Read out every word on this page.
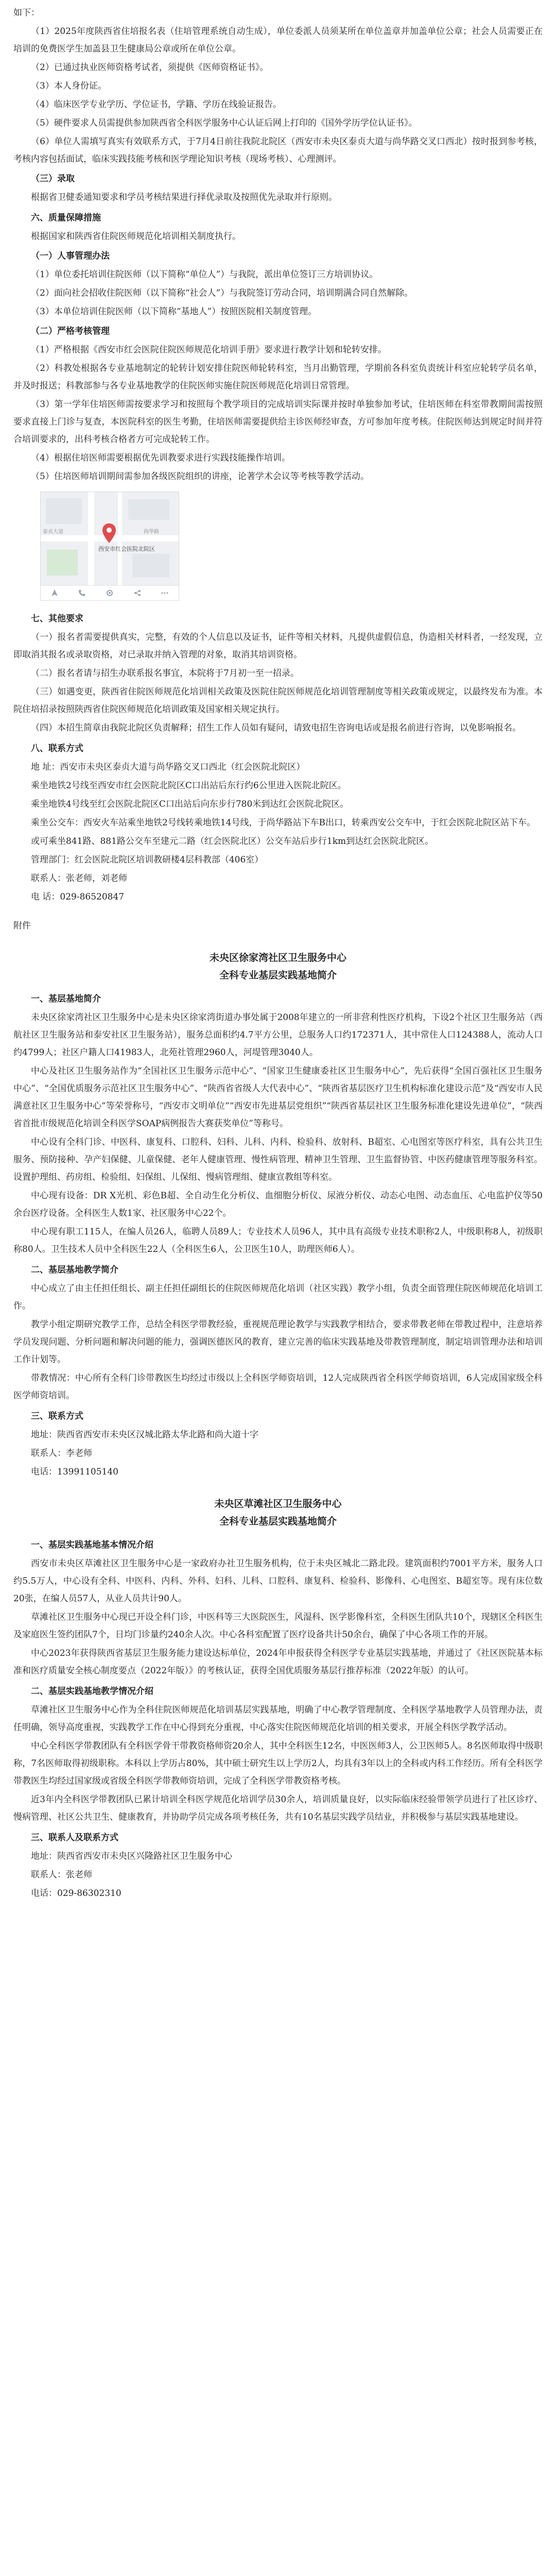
如下：

（1）2025年度陕西省住培报名表（住培管理系统自动生成），单位委派人员须某所在单位盖章并加盖单位公章；社会人员需要正在培训的免费医学生加盖县卫生健康局公章或所在单位公章。

（2）已通过执业医师资格考试者，须提供《医师资格证书》。

（3）本人身份证。

（4）临床医学专业学历、学位证书，学籍、学历在线验证报告。

（5）硬件要求人员需提供参加陕西省全科医学服务中心认证后网上打印的《国外学历学位认证书》。

（6）单位人需填写真实有效联系方式，于7月4日前往我院北院区（西安市未央区泰贞大道与尚华路交叉口西北）按时报到参考核，考核内容包括面试，临床实践技能考核和医学理论知识考核（现场考核）、心理测评。

（三）录取

根据省卫健委通知要求和学员考核结果进行择优录取及按照优先录取并行原则。

六、质量保障措施

根据国家和陕西省住院医师规范化培训相关制度执行。

（一）人事管理办法

（1）单位委托培训住院医师（以下简称“单位人”）与我院，派出单位签订三方培训协议。

（2）面向社会招收住院医师（以下简称“社会人”）与我院签订劳动合同，培训期满合同自然解除。

（3）本单位培训住院医师（以下简称“基地人”）按照医院相关制度管理。

（二）严格考核管理

（1）严格根据《西安市红会医院住院医师规范化培训手册》要求进行教学计划和轮转安排。

（2）科教处根据各专业基地制定的轮转计划安排住院医师轮转科室，当月出勤管理，学期前各科室负责统计科室应轮转学员名单，并及时报送；科教部参与各专业基地教学的住院医师实施住院医师规范化培训日常管理。

（3）第一学年住培医师需按要求学习和按照每个教学项目的完成培训实际课并按时单独参加考试，住培医师在科室带教期间需按照要求直接上门诊与复查，本医院科室的医生考勤，住培医师需要提供给主诊医师经审查，方可参加年度考核。住院医师达到规定时间并符合培训要求的，出科考核合格者方可完成轮转工作。

（4）根据住培医师需要根据优先训教要求进行实践技能操作培训。

（5）住培医师培训期间需参加各级医院组织的讲座，论著学术会议等考核等教学活动。

尚华路
泰贞大道
西安市红会医院北院区

七、其他要求

（一）报名者需要提供真实，完整，有效的个人信息以及证书，证件等相关材料，凡提供虚假信息，伪造相关材料者，一经发现，立即取消其报名或录取资格，对已录取并纳入管理的对象，取消其培训资格。

（二）报名者请与招生办联系报名事宜，本院将于7月初一至一招录。

（三）如遇变更，陕西省住院医师规范化培训相关政策及医院住院医师规范化培训管理制度等相关政策或规定，以最终发布为准。本院住培招录按照陕西省住院医师规范化培训政策及国家相关规定执行。

（四）本招生简章由我院北院区负责解释；招生工作人员如有疑问，请致电招生咨询电话或是报名前进行咨询，以免影响报名。

八、联系方式

地 址：西安市未央区泰贞大道与尚华路交叉口西北（红会医院北院区）

乘坐地铁2号线至西安市红会医院北院区C口出站后东行约6公里进入医院北院区。

乘坐地铁4号线至红会医院北院区C口出站后向东步行780米到达红会医院北院区。

乘坐公交车：西安火车站乘坐地铁2号线转乘地铁14号线，于尚华路站下车B出口，转乘西安公交车中，于红会医院北院区站下车。

或可乘坐841路、881路公交车至建元二路（红会医院北区）公交车站后步行1km到达红会医院北院区。

管理部门：红会医院北院区培训教研楼4层科教部（406室）

联系人：张老师，刘老师

电 话：029-86520847

附件

未央区徐家湾社区卫生服务中心

全科专业基层实践基地简介

一、基层基地简介

未央区徐家湾社区卫生服务中心是未央区徐家湾街道办事处属于2008年建立的一所非营利性医疗机构，下设2个社区卫生服务站（西航社区卫生服务站和泰安社区卫生服务站），服务总面积约4.7平方公里，总服务人口约172371人，其中常住人口124388人，流动人口约4799人；社区户籍人口41983人，北苑社管理2960人，河堤管理3040人。

中心及社区卫生服务站作为“全国社区卫生服务示范中心”、“国家卫生健康委社区卫生服务中心”，先后获得“全国百强社区卫生服务中心”、“全国优质服务示范社区卫生服务中心”、“陕西省省级人大代表中心”、“陕西省基层医疗卫生机构标准化建设示范”及“西安市人民满意社区卫生服务中心”等荣誉称号，“西安市文明单位”“西安市先进基层党组织”“陕西省基层社区卫生服务标准化建设先进单位”，“陕西省首批市级规范化培训全科医学SOAP病例报告大赛获奖单位”等称号。

中心设有全科门诊、中医科、康复科、口腔科、妇科、儿科、内科、检验科、放射科、B超室、心电图室等医疗科室，具有公共卫生服务、预防接种、孕产妇保健、儿童保健、老年人健康管理、慢性病管理、精神卫生管理、卫生监督协管、中医药健康管理等服务科室。设置护理组、药房组、检验组、妇保组、儿保组、慢病管理组、健康宣教组等科室。

中心现有设备：DR X光机、彩色B超、全自动生化分析仪、血细胞分析仪、尿液分析仪、动态心电图、动态血压、心电监护仪等50余台医疗设备。全科医生人数1家、社区服务中心22个。

中心现有职工115人，在编人员26人，临聘人员89人；专业技术人员96人，其中具有高级专业技术职称2人，中级职称8人，初级职称80人。卫生技术人员中全科医生22人（全科医生6人，公卫医生10人，助理医师6人）。

二、基层基地教学简介

中心成立了由主任担任组长、副主任担任副组长的住院医师规范化培训（社区实践）教学小组，负责全面管理住院医师规范化培训工作。

教学小组定期研究教学工作，总结全科医学带教经验，重视规范理论教学与实践教学相结合，要求带教老师在带教过程中，注意培养学员发现问题、分析问题和解决问题的能力，强调医德医风的教育，建立完善的临床实践基地及带教管理制度，制定培训管理办法和培训工作计划等。

带教情况：中心所有全科门诊带教医生均经过市级以上全科医学师资培训，12人完成陕西省全科医学师资培训，6人完成国家级全科医学师资培训。

三、联系方式

地址：陕西省西安市未央区汉城北路太华北路和尚大道十字

联系人：李老师

电话：13991105140

未央区草滩社区卫生服务中心

全科专业基层实践基地简介

一、基层实践基地基本情况介绍

西安市未央区草滩社区卫生服务中心是一家政府办社卫生服务机构，位于未央区城北二路北段。建筑面积约7001平方米，服务人口约5.5万人，中心设有全科、中医科、内科、外科、妇科、儿科、口腔科、康复科、检验科、影像科、心电图室、B超室等。现有床位数20张，在编人员57人，从业人员共计90人。

草滩社区卫生服务中心现已开设全科门诊，中医科等三大医院医生，风湿科、医学影像科室，全科医生团队共10个，现辖区全科医生及家庭医生签约团队7个，日均门诊量约240余人次。中心各科室配置了医疗设备共计50余台，确保了中心各项工作的开展。

中心2023年获得陕西省基层卫生服务能力建设达标单位，2024年申报获得全科医学专业基层实践基地，并通过了《社区医院基本标准和医疗质量安全核心制度要点（2022年版）》的考核认证，获得全国优质服务基层行推荐标准（2022年版）的认可。

二、基层实践基地教学情况介绍

草滩社区卫生服务中心作为全科住院医师规范化培训基层实践基地，明确了中心教学管理制度、全科医学基地教学人员管理办法，责任明确，领导高度重视，实践教学工作在中心得到充分重视，中心落实住院医师规范化培训的相关要求，开展全科医学教学活动。

中心全科医学带教团队有全科医学骨干带教资格师资20余人，其中全科医生12名，中医医师3人，公卫医师5人。8名医师取得中级职称，7名医师取得初级职称。本科以上学历占80%，其中硕士研究生以上学历2人，均具有3年以上的全科或内科工作经历。所有全科医学带教医生均经过国家级或省级全科医学带教师资培训，完成了全科医学带教资格考核。

近3年内全科医学带教团队已累计培训全科医学规范化培训学员30余人，培训质量良好，以实际临床经验带领学员进行了社区诊疗、慢病管理、社区公共卫生、健康教育，并协助学员完成各项考核任务，共有10名基层实践学员结业，并积极参与基层实践基地建设。

三、联系人及联系方式

地址：陕西省西安市未央区兴隆路社区卫生服务中心

联系人：张老师

电话：029-86302310
